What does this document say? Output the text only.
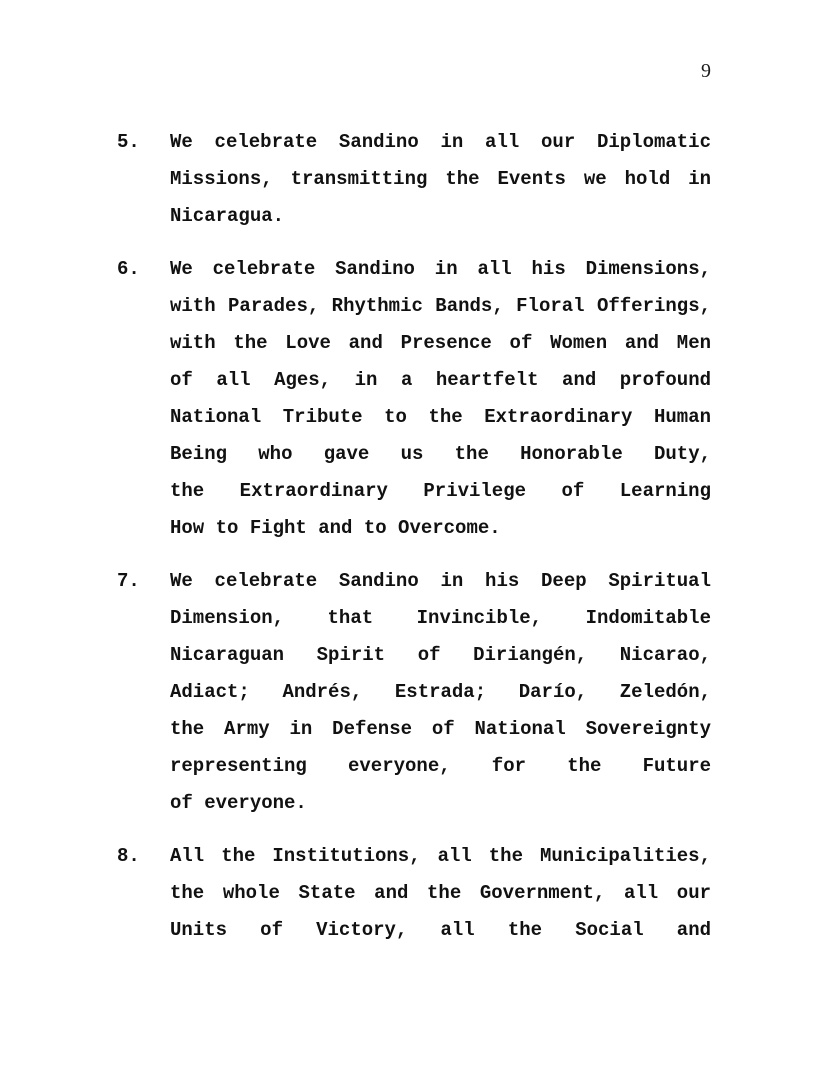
9
5. We celebrate Sandino in all our Diplomatic
Missions, transmitting the Events we hold in
Nicaragua.
6. We celebrate Sandino in all his Dimensions,
with Parades, Rhythmic Bands, Floral Offerings,
with the Love and Presence of Women and Men
of all Ages, in a heartfelt and profound
National Tribute to the Extraordinary Human
Being who gave us the Honorable Duty,
the Extraordinary Privilege of Learning
How to Fight and to Overcome.
7. We celebrate Sandino in his Deep Spiritual
Dimension, that Invincible, Indomitable
Nicaraguan Spirit of Diriangén, Nicarao,
Adiact; Andrés, Estrada; Darío, Zeledón,
the Army in Defense of National Sovereignty
representing everyone, for the Future
of everyone.
8. All the Institutions, all the Municipalities,
the whole State and the Government, all our
Units of Victory, all the Social and
